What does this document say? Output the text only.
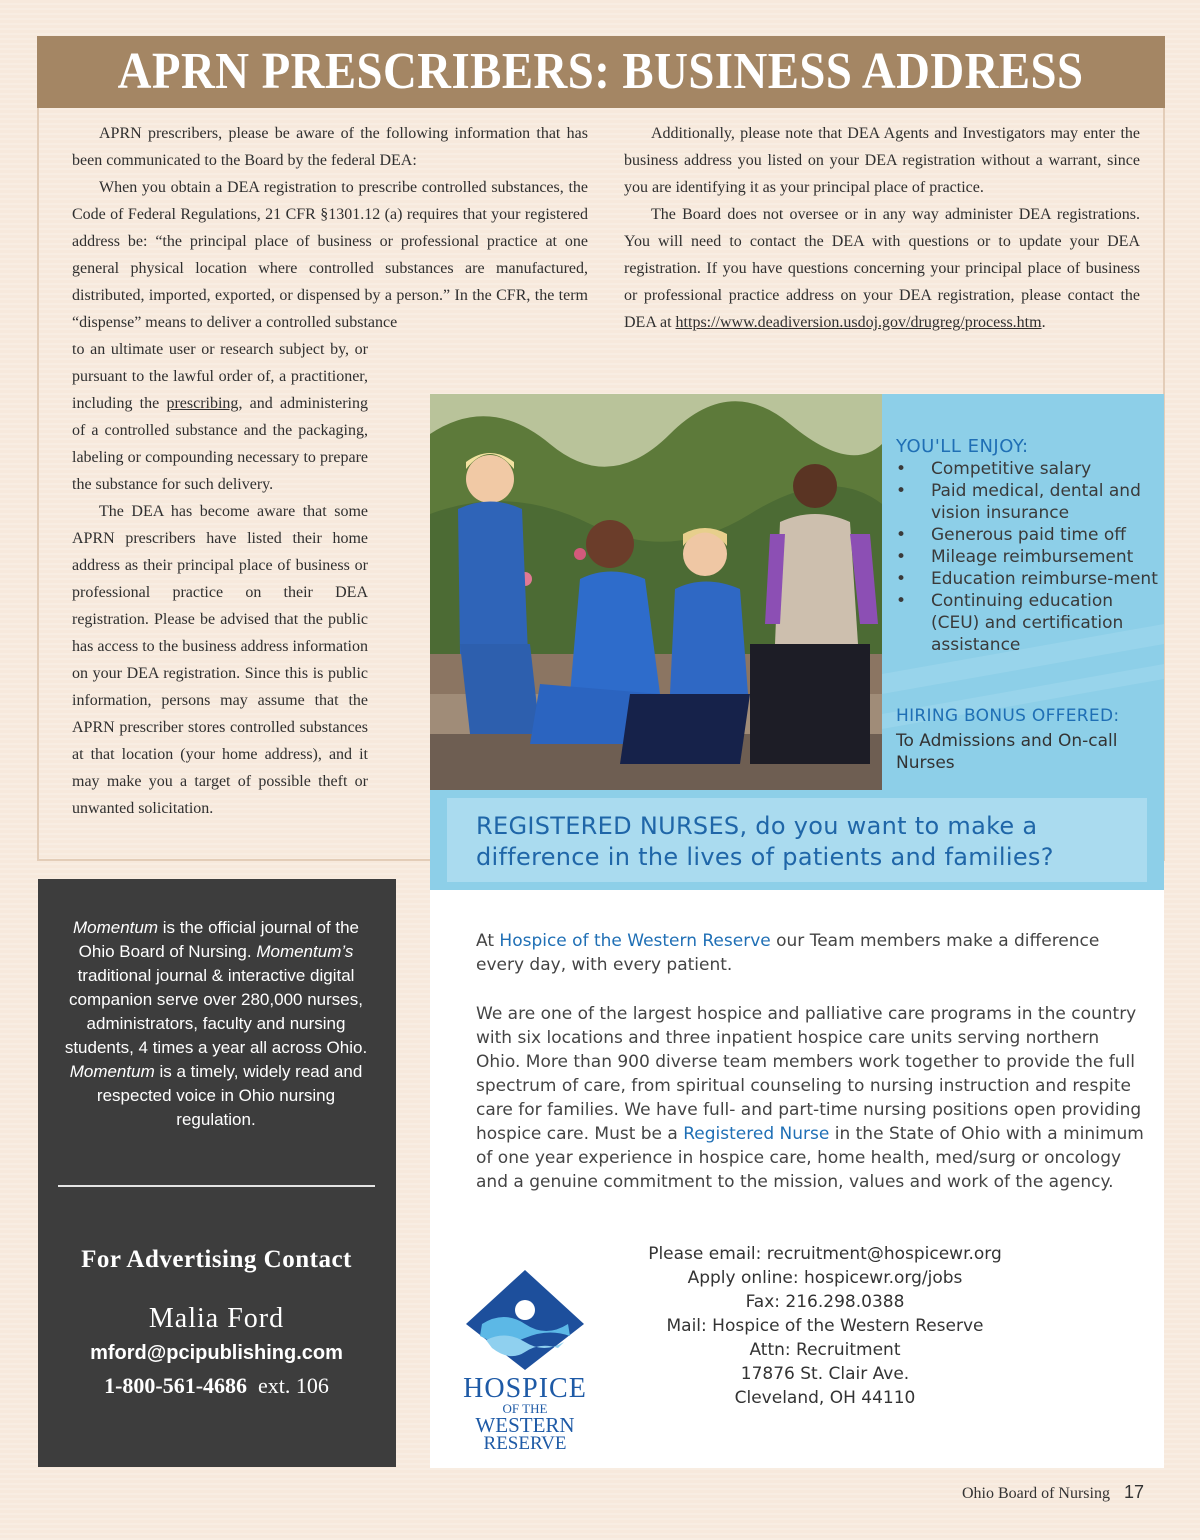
APRN PRESCRIBERS: BUSINESS ADDRESS

APRN prescribers, please be aware of the following information that has been communicated to the Board by the federal DEA:

When you obtain a DEA registration to prescribe controlled substances, the Code of Federal Regulations, 21 CFR §1301.12 (a) requires that your registered address be: “the principal place of business or professional practice at one general physical location where controlled substances are manufactured, distributed, imported, exported, or dispensed by a person.” In the CFR, the term “dispense” means to deliver a controlled substance

to an ultimate user or research subject by, or pursuant to the lawful order of, a practitioner, including the prescribing, and administering of a controlled substance and the packaging, labeling or compounding necessary to prepare the substance for such delivery.

The DEA has become aware that some APRN prescribers have listed their home address as their principal place of business or professional practice on their DEA registration. Please be advised that the public has access to the business address information on your DEA registration. Since this is public information, persons may assume that the APRN prescriber stores controlled substances at that location (your home address), and it may make you a target of possible theft or unwanted solicitation.

Additionally, please note that DEA Agents and Investigators may enter the business address you listed on your DEA registration without a warrant, since you are identifying it as your principal place of practice.

The Board does not oversee or in any way administer DEA registrations. You will need to contact the DEA with questions or to update your DEA registration. If you have questions concerning your principal place of business or professional practice address on your DEA registration, please contact the DEA at https://www.deadiversion.usdoj.gov/drugreg/process.htm.

YOU'LL ENJOY:
• Competitive salary
• Paid medical, dental and vision insurance
• Generous paid time off
• Mileage reimbursement
• Education reimburse-ment
• Continuing education (CEU) and certification assistance
HIRING BONUS OFFERED:
To Admissions and On-call Nurses
REGISTERED NURSES, do you want to make a difference in the lives of patients and families?
At Hospice of the Western Reserve our Team members make a difference every day, with every patient.
We are one of the largest hospice and palliative care programs in the country with six locations and three inpatient hospice care units serving northern Ohio. More than 900 diverse team members work together to provide the full spectrum of care, from spiritual counseling to nursing instruction and respite care for families. We have full- and part-time nursing positions open providing hospice care. Must be a Registered Nurse in the State of Ohio with a minimum of one year experience in hospice care, home health, med/surg or oncology and a genuine commitment to the mission, values and work of the agency.
HOSPICE
OF THE
WESTERN
RESERVE
Please email: recruitment@hospicewr.org
Apply online: hospicewr.org/jobs
Fax: 216.298.0388
Mail: Hospice of the Western Reserve
Attn: Recruitment
17876 St. Clair Ave.
Cleveland, OH 44110
Momentum is the official journal of the Ohio Board of Nursing. Momentum’s traditional journal & interactive digital companion serve over 280,000 nurses, administrators, faculty and nursing students, 4 times a year all across Ohio. Momentum is a timely, widely read and respected voice in Ohio nursing regulation.
For Advertising Contact
Malia Ford
mford@pcipublishing.com
1-800-561-4686 ext. 106
Ohio Board of Nursing 17
